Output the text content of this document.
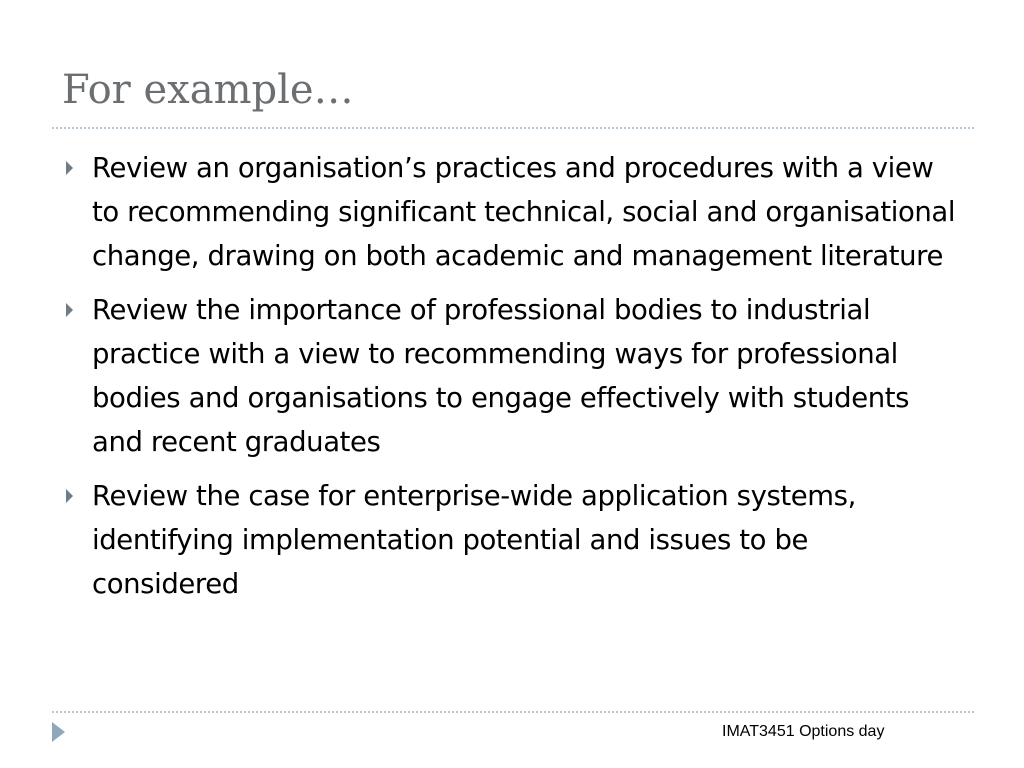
For example…
Review an organisation’s practices and procedures with a view to recommending significant technical, social and organisational change, drawing on both academic and management literature
Review the importance of professional bodies to industrial practice with a view to recommending ways for professional bodies and organisations to engage effectively with students and recent graduates
Review the case for enterprise-wide application systems, identifying implementation potential and issues to be considered
IMAT3451 Options day
